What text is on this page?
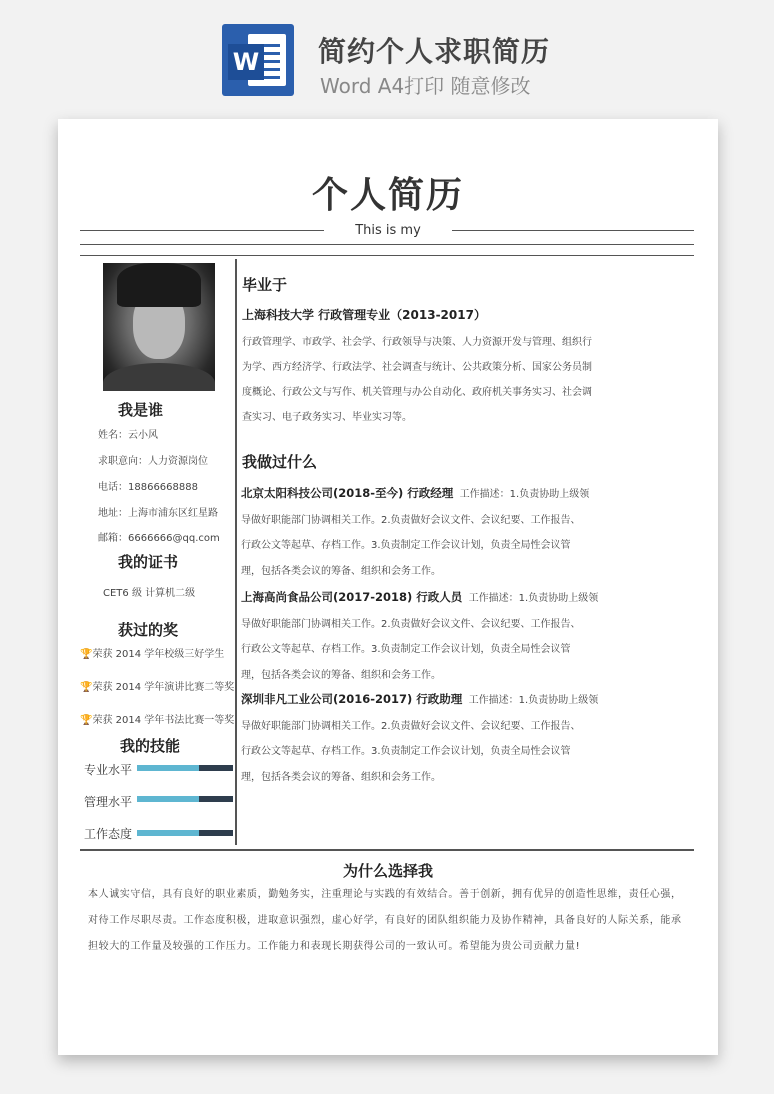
W 简约个人求职简历
Word A4打印 随意修改
个人简历
This is my
我是谁
姓名：云小风
求职意向：人力资源岗位
电话：18866668888
地址：上海市浦东区红星路
邮箱：6666666@qq.com
我的证书
CET6 级 计算机二级
获过的奖
🏆荣获 2014 学年校级三好学生
🏆荣获 2014 学年演讲比赛二等奖
🏆荣获 2014 学年书法比赛一等奖
我的技能
专业水平
管理水平
工作态度
毕业于
上海科技大学 行政管理专业（2013-2017）
行政管理学、市政学、社会学、行政领导与决策、人力资源开发与管理、组织行
为学、西方经济学、行政法学、社会调查与统计、公共政策分析、国家公务员制
度概论、行政公文与写作、机关管理与办公自动化、政府机关事务实习、社会调
查实习、电子政务实习、毕业实习等。
我做过什么
北京太阳科技公司(2018-至今) 行政经理 工作描述：1.负责协助上级领
导做好职能部门协调相关工作。2.负责做好会议文件、会议纪要、工作报告、
行政公文等起草、存档工作。3.负责制定工作会议计划，负责全局性会议管
理，包括各类会议的筹备、组织和会务工作。
上海高尚食品公司(2017-2018) 行政人员 工作描述：1.负责协助上级领
导做好职能部门协调相关工作。2.负责做好会议文件、会议纪要、工作报告、
行政公文等起草、存档工作。3.负责制定工作会议计划，负责全局性会议管
理，包括各类会议的筹备、组织和会务工作。
深圳非凡工业公司(2016-2017) 行政助理 工作描述：1.负责协助上级领
导做好职能部门协调相关工作。2.负责做好会议文件、会议纪要、工作报告、
行政公文等起草、存档工作。3.负责制定工作会议计划，负责全局性会议管
理，包括各类会议的筹备、组织和会务工作。
为什么选择我
本人诚实守信，具有良好的职业素质，勤勉务实，注重理论与实践的有效结合。善于创新，拥有优异的创造性思维，责任心强，对待工作尽职尽责。工作态度积极，进取意识强烈，虚心好学，有良好的团队组织能力及协作精神，具备良好的人际关系，能承担较大的工作量及较强的工作压力。工作能力和表现长期获得公司的一致认可。希望能为贵公司贡献力量!
